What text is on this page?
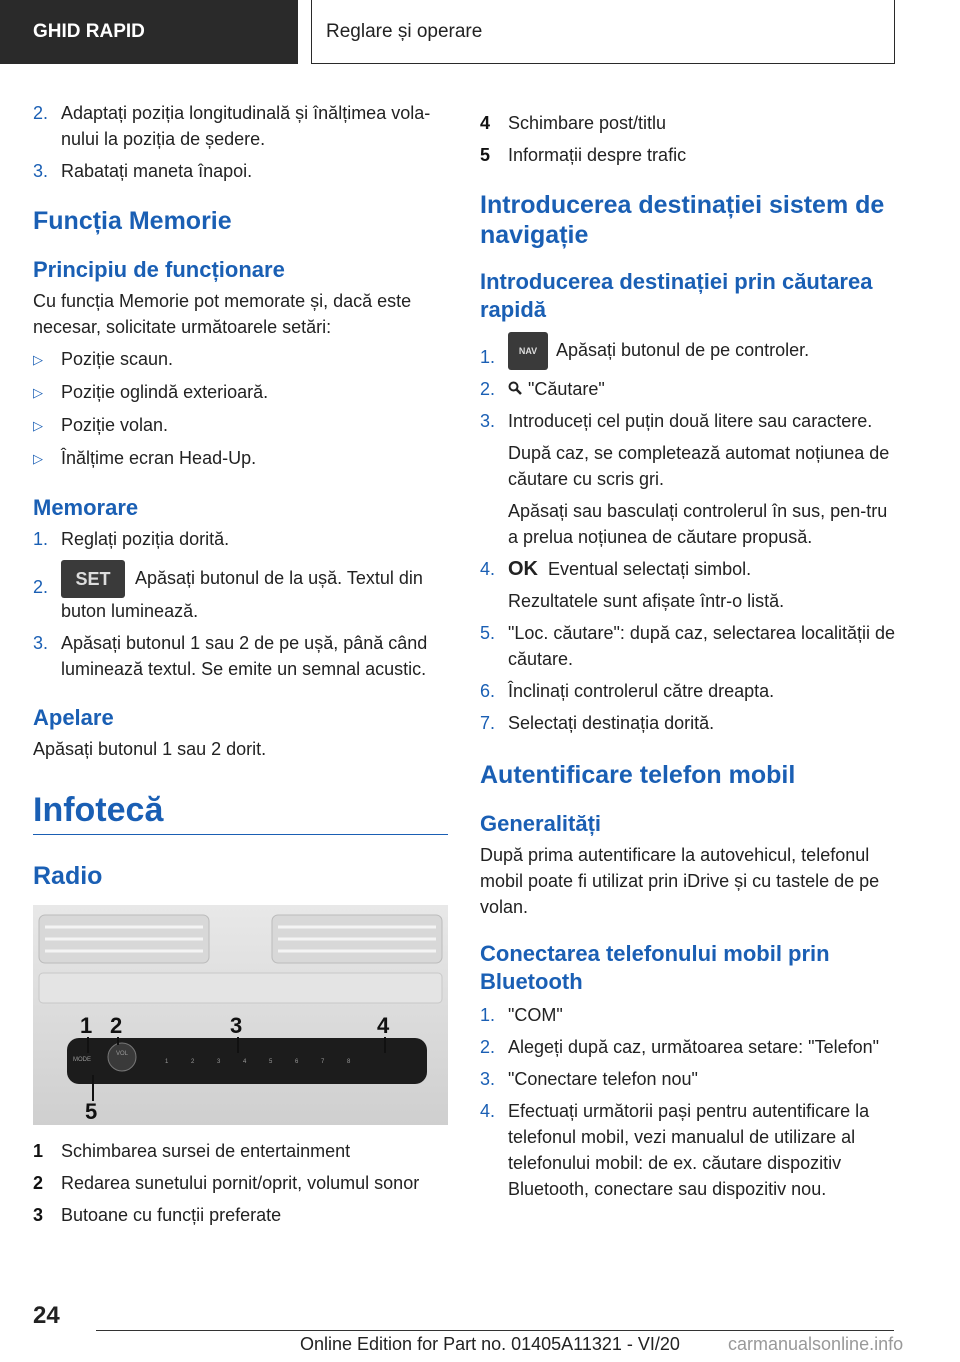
GHID RAPID	Reglare și operare
2. Adaptați poziția longitudinală și înălțimea vola-nului la poziția de ședere.
3. Rabatați maneta înapoi.
Funcția Memorie
Principiu de funcționare

Cu funcția Memorie pot memorate și, dacă este necesar, solicitate următoarele setări:

▷	Poziție scaun.
▷	Poziție oglindă exterioară.
▷	Poziție volan.
▷	Înălțime ecran Head-Up.
Memorare
1. Reglați poziția dorită.
2.	SET Apăsați butonul de la ușă. Textul din buton luminează.
3. Apăsați butonul 1 sau 2 de pe ușă, până când luminează textul. Se emite un semnal acustic.
Apelare

Apăsați butonul 1 sau 2 dorit.

Infotecă
Radio
MODE
VOL
1	2	3	4	5	6	7	8
1 2	3	4
5
1 Schimbarea sursei de entertainment
2 Redarea sunetului pornit/oprit, volumul sonor
3 Butoane cu funcții preferate
4 Schimbare post/titlu
5 Informații despre trafic
Introducerea destinației sistem de navigație
Introducerea destinației prin căutarea rapidă
1.	NAV Apăsați butonul de pe controler.
2.	"Căutare"
3. Introduceți cel puțin două litere sau caractere.
După caz, se completează automat noțiunea de căutare cu scris gri.
Apăsați sau basculați controlerul în sus, pen-tru a prelua noțiunea de căutare propusă.
4. OK Eventual selectați simbol.
Rezultatele sunt afișate într-o listă.
5. "Loc. căutare": după caz, selectarea localității de căutare.
6. Înclinați controlerul către dreapta.
7. Selectați destinația dorită.
Autentificare telefon mobil
Generalități

După prima autentificare la autovehicul, telefonul mobil poate fi utilizat prin iDrive și cu tastele de pe volan.

Conectarea telefonului mobil prin Bluetooth
1. "COM"
2. Alegeți după caz, următoarea setare: "Telefon"
3. "Conectare telefon nou"
4. Efectuați următorii pași pentru autentificare la telefonul mobil, vezi manualul de utilizare al telefonului mobil: de ex. căutare dispozitiv Bluetooth, conectare sau dispozitiv nou.
24
Online Edition for Part no. 01405A11321 - VI/20	carmanualsonline.info
